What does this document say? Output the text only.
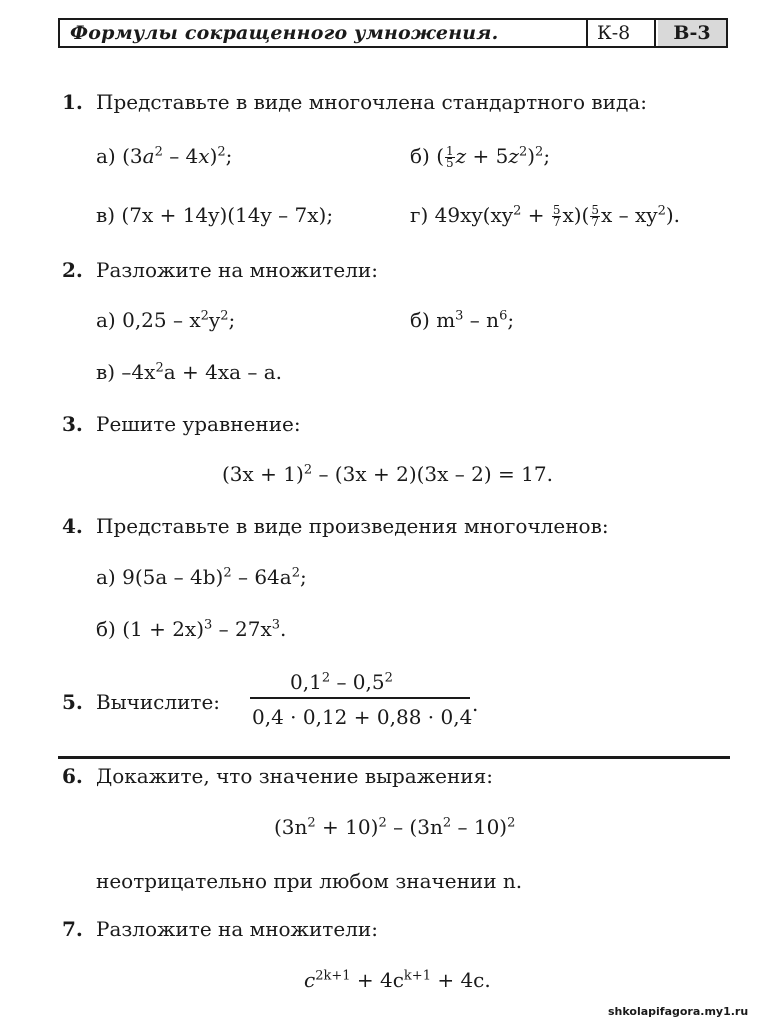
Формулы сокращенного умножения.	К-8	В-3
1. Представьте в виде многочлена стандартного вида:
а) $(3a^2 - 4x)^2$;	б) ( $\frac{1}{5}$ $z + 5z^2)^2$;
в) (7x + 14y)(14y – 7x);	г) $49xy(xy^2 + \frac{5}{7} x)( \frac{5}{7}$ x – $xy^2$).
2. Разложите на множители:
а) $0,25 - x^2y^2$;	б) $m^3 - n^6$;
в) $-4x^2a + 4xa - a$.
3. Решите уравнение:
$(3x + 1)^2 - (3x + 2)(3x - 2) = 17$.
4. Представьте в виде произведения многочленов:
а) $9(5a - 4b)^2 - 64a^2$;
б) $(1 + 2x)^3 - 27x^3$.
5. Вычислите:
$0,1^2 - 0,5^2$
0,4 · 0,12 + 0,88 · 0,4
.
6. Докажите, что значение выражения:
$(3n^2 + 10)^2 - (3n^2 - 10)^2$
неотрицательно при любом значении n.
7. Разложите на множители:
$c^{2k+1} + 4c^{k+1} + 4c$.
shkolapifagora.my1.ru
